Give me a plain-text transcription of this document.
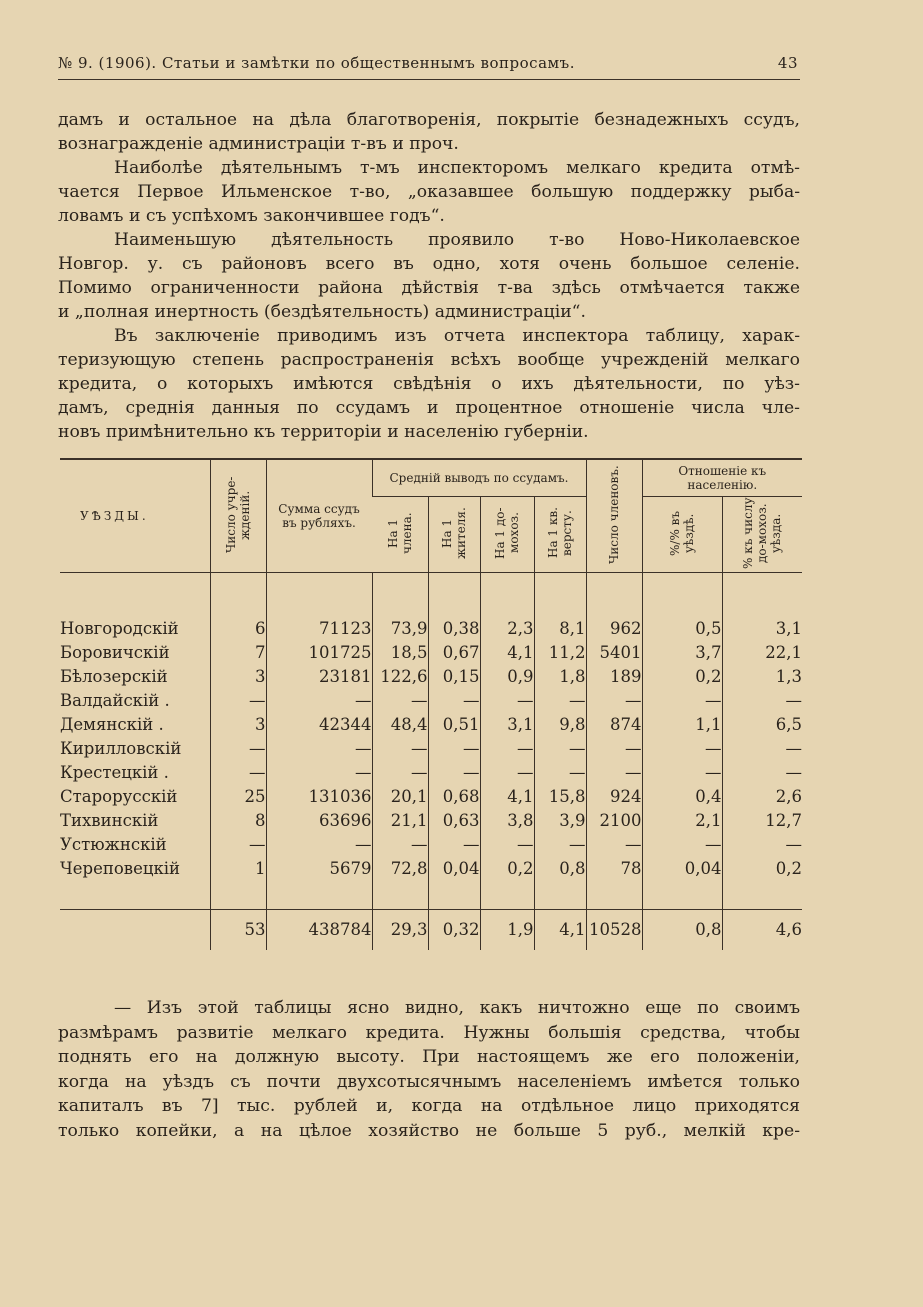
№ 9. (1906). Статьи и замѣтки по общественнымъ вопросамъ.	43

дамъ и остальное на дѣла благотворенія, покрытіе безнадежныхъ ссудъ,

вознагражденіе администраціи т-въ и проч.

Наиболѣе дѣятельнымъ т-мъ инспекторомъ мелкаго кредита отмѣ-

чается Первое Ильменское т-во, „оказавшее большую поддержку рыба-

ловамъ и съ успѣхомъ закончившее годъ“.

Наименьшую дѣятельность проявило т-во Ново-Николаевское

Новгор. у. съ районовъ всего въ одно, хотя очень большое селеніе.

Помимо ограниченности района дѣйствія т-ва здѣсь отмѣчается также

и „полная инертность (бездѣятельность) администраціи“.

Въ заключеніе приводимъ изъ отчета инспектора таблицу, харак-

теризующую степень распространенія всѣхъ вообще учрежденій мелкаго

кредита, о которыхъ имѣются свѣдѣнія о ихъ дѣятельности, по уѣз-

дамъ, среднія данныя по ссудамъ и процентное отношеніе числа чле-

новъ примѣнительно къ территоріи и населенію губерніи.

УѢЗДЫ.	Число учре-ждeній.	Сумма ссудъ въ рубляхъ.	Средній выводъ по ссудамъ.				Число членовъ.	Отношеніе къ населенію.	
			На 1 члена.	На 1 жителя.	На 1 до-мохоз.	На 1 кв. версту.		%/% въ уѣздѣ.	% къ числу до-мохоз. уѣзда.

Новгородскій	6	71123	73,9	0,38	2,3	8,1	962	0,5	3,1
Боровичскій	7	101725	18,5	0,67	4,1	11,2	5401	3,7	22,1
Бѣлозерскій	3	23181	122,6	0,15	0,9	1,8	189	0,2	1,3
Валдайскій .	—	—	—	—	—	—	—	—	—
Демянскій .	3	42344	48,4	0,51	3,1	9,8	874	1,1	6,5
Кирилловскій	—	—	—	—	—	—	—	—	—
Крестецкій .	—	—	—	—	—	—	—	—	—
Старорусскій	25	131036	20,1	0,68	4,1	15,8	924	0,4	2,6
Тихвинскій	8	63696	21,1	0,63	3,8	3,9	2100	2,1	12,7
Устюжнскій	—	—	—	—	—	—	—	—	—
Череповецкій	1	5679	72,8	0,04	0,2	0,8	78	0,04	0,2

	53	438784	29,3	0,32	1,9	4,1	10528	0,8	4,6

— Изъ этой таблицы ясно видно, какъ ничтожно еще по своимъ

размѣрамъ развитіе мелкаго кредита. Нужны большія средства, чтобы

поднять его на должную высоту. При настоящемъ же его положеніи,

когда на уѣздъ съ почти двухсотысячнымъ населеніемъ имѣется только

капиталъ въ 7] тыс. рублей и, когда на отдѣльное лицо приходятся

только копейки, а на цѣлое хозяйство не больше 5 руб., мелкій кре-
